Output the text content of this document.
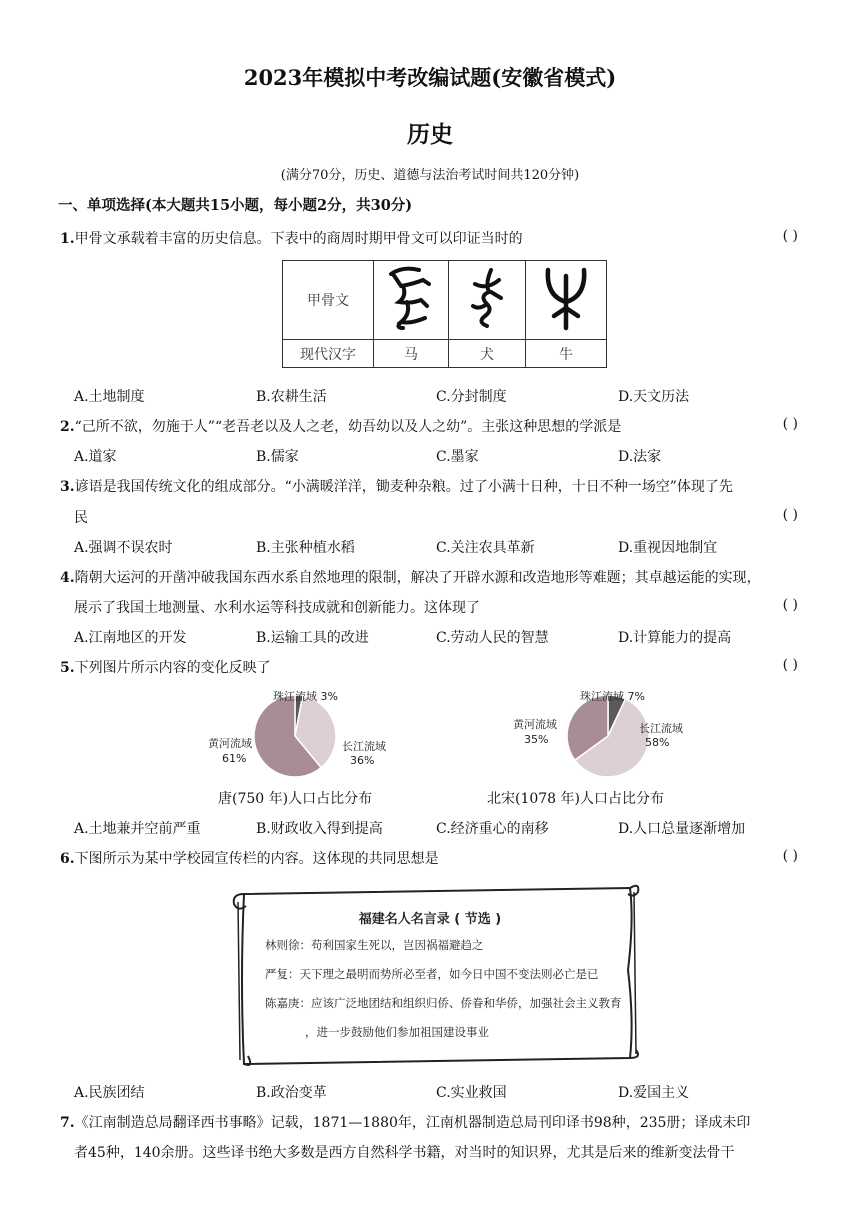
2023年模拟中考改编试题(安徽省模式)
历史
(满分70分，历史、道德与法治考试时间共120分钟)
一、单项选择(本大题共15小题，每小题2分，共30分)
1.甲骨文承载着丰富的历史信息。下表中的商周时期甲骨文可以印证当时的	( )
甲骨文			
现代汉字	马	犬	牛
A.土地制度	B.农耕生活	C.分封制度	D.天文历法
2.“己所不欲，勿施于人”“老吾老以及人之老，幼吾幼以及人之幼”。主张这种思想的学派是	( )
A.道家	B.儒家	C.墨家	D.法家
3.谚语是我国传统文化的组成部分。“小满暖洋洋，锄麦种杂粮。过了小满十日种，十日不种一场空”体现了先
民	( )
A.强调不误农时	B.主张种植水稻	C.关注农具革新	D.重视因地制宜
4.隋朝大运河的开凿冲破我国东西水系自然地理的限制，解决了开辟水源和改造地形等难题；其卓越运能的实现，
展示了我国土地测量、水利水运等科技成就和创新能力。这体现了	( )
A.江南地区的开发	B.运输工具的改进	C.劳动人民的智慧	D.计算能力的提高
5.下列图片所示内容的变化反映了	( )
珠江流域 3%
长江流域
36%
黄河流域
61%
唐(750 年)人口占比分布
珠江流域 7%
长江流域
58%
黄河流域
35%
北宋(1078 年)人口占比分布
A.土地兼并空前严重	B.财政收入得到提高	C.经济重心的南移	D.人口总量逐渐增加
6.下图所示为某中学校园宣传栏的内容。这体现的共同思想是	( )
福建名人名言录 ( 节选 )
林则徐：苟利国家生死以，岂因祸福避趋之
严复：天下理之最明而势所必至者，如今日中国不变法则必亡是已
陈嘉庚：应该广泛地团结和组织归侨、侨眷和华侨，加强社会主义教育
，进一步鼓励他们参加祖国建设事业
A.民族团结	B.政治变革	C.实业救国	D.爱国主义
7.《江南制造总局翻译西书事略》记载，1871—1880年，江南机器制造总局刊印译书98种，235册；译成未印
者45种，140余册。这些译书绝大多数是西方自然科学书籍，对当时的知识界，尤其是后来的维新变法骨干
